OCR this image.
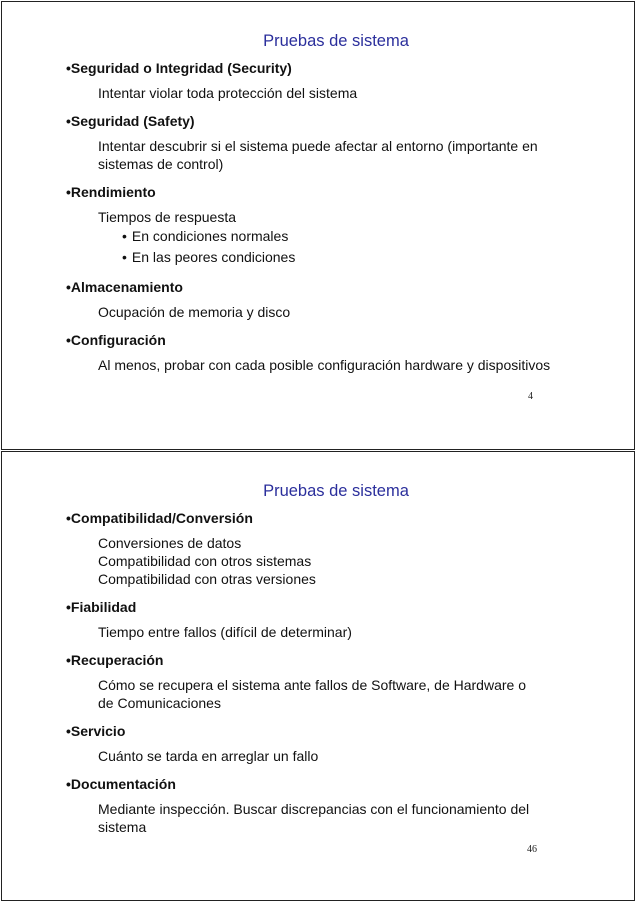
Pruebas de sistema
•Seguridad o Integridad (Security)
Intentar violar toda protección del sistema
•Seguridad (Safety)
Intentar descubrir si el sistema puede afectar al entorno (importante en
sistemas de control)
•Rendimiento
Tiempos de respuesta
• En condiciones normales
• En las peores condiciones
•Almacenamiento
Ocupación de memoria y disco
•Configuración
Al menos, probar con cada posible configuración hardware y dispositivos
4
Pruebas de sistema
•Compatibilidad/Conversión
Conversiones de datos
Compatibilidad con otros sistemas
Compatibilidad con otras versiones
•Fiabilidad
Tiempo entre fallos (difícil de determinar)
•Recuperación
Cómo se recupera el sistema ante fallos de Software, de Hardware o
de Comunicaciones
•Servicio
Cuánto se tarda en arreglar un fallo
•Documentación
Mediante inspección. Buscar discrepancias con el funcionamiento del
sistema
46
